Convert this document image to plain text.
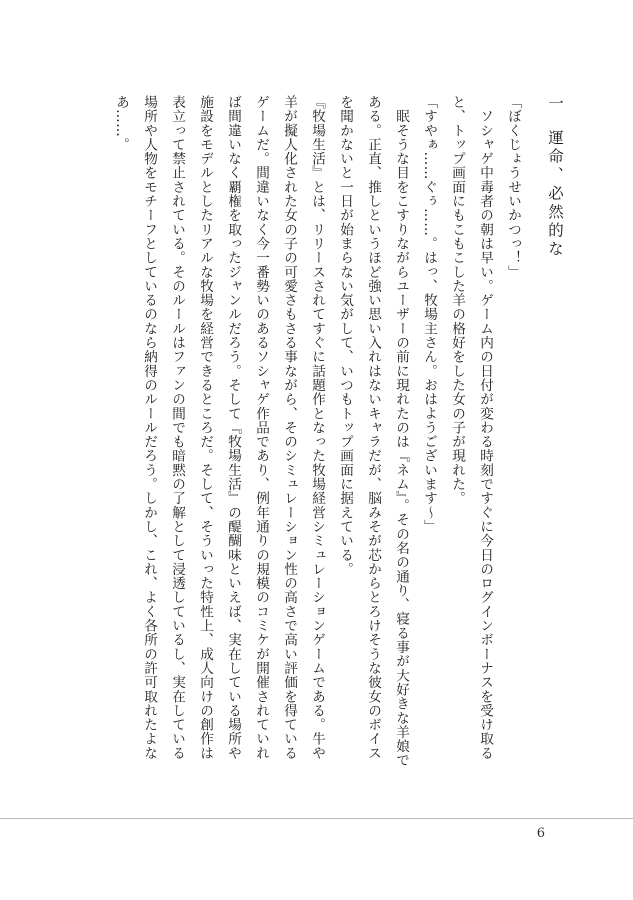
一運命、必然的な
「ぼくじょうせいかつっ！」
　ソシャゲ中毒者の朝は早い。ゲーム内の日付が変わる時刻ですぐに今日のログインボーナスを受け取る
と、トップ画面にもこもこした羊の格好をした女の子が現れた。
「すやぁ……ぐぅ……。はっ、牧場主さん。おはようございます～」
　眠そうな目をこすりながらユーザーの前に現れたのは『ネム』。その名の通り、寝る事が大好きな羊娘で
ある。正直、推しというほど強い思い入れはないキャラだが、脳みそが芯からとろけそうな彼女のボイス
を聞かないと一日が始まらない気がして、いつもトップ画面に据えている。
『牧場生活』とは、リリースされてすぐに話題作となった牧場経営シミュレーションゲームである。牛や
羊が擬人化された女の子の可愛さもさる事ながら、そのシミュレーション性の高さで高い評価を得ている
ゲームだ。間違いなく今一番勢いのあるソシャゲ作品であり、例年通りの規模のコミケが開催されていれ
ば間違いなく覇権を取ったジャンルだろう。そして『牧場生活』の醍醐味といえば、実在している場所や
施設をモデルとしたリアルな牧場を経営できるところだ。そして、そういった特性上、成人向けの創作は
表立って禁止されている。そのルールはファンの間でも暗黙の了解として浸透しているし、実在している
場所や人物をモチーフとしているのなら納得のルールだろう。しかし、これ、よく各所の許可取れたよな
あ……。
6
